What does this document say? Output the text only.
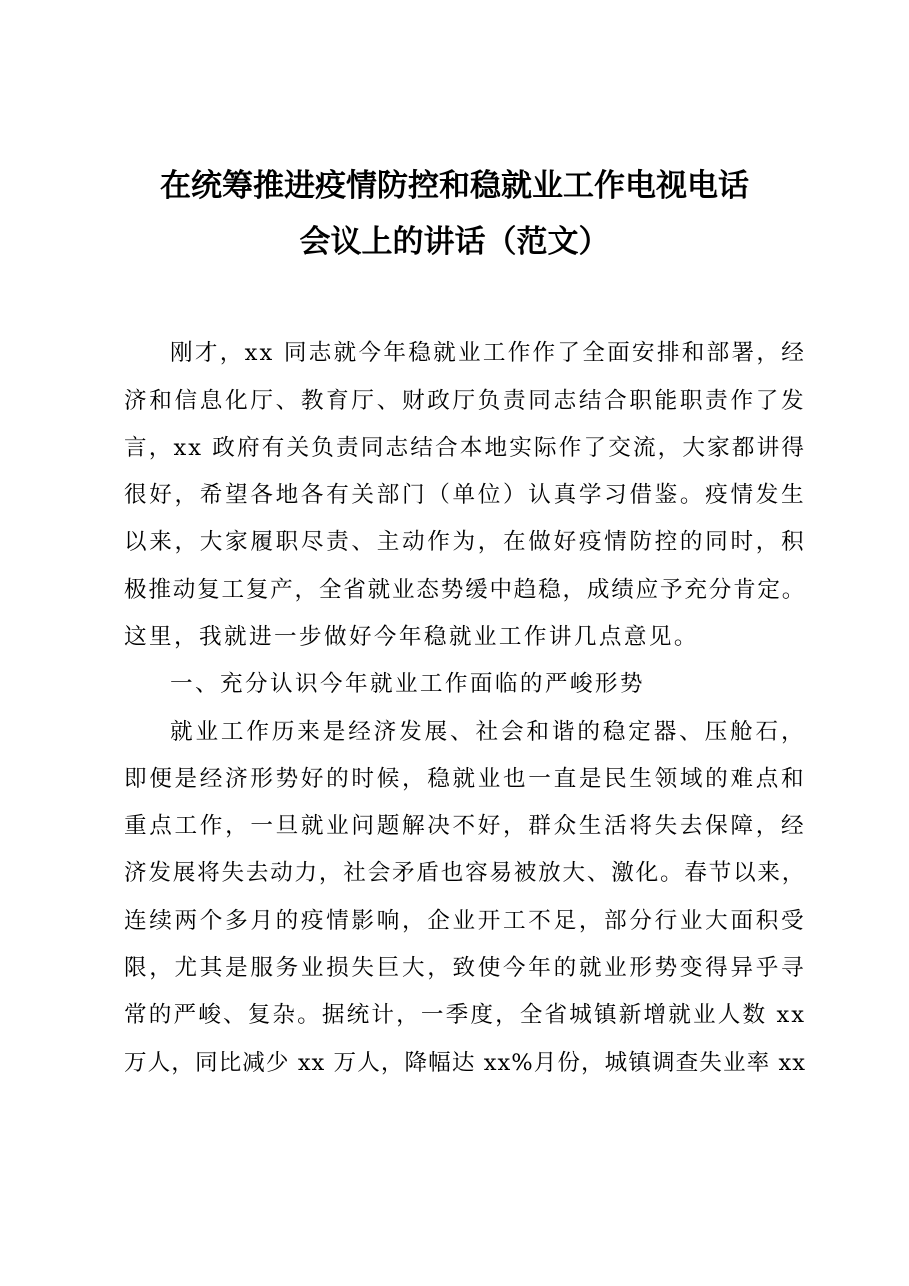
在统筹推进疫情防控和稳就业工作电视电话
会议上的讲话（范文）
刚才，xx 同志就今年稳就业工作作了全面安排和部署，经
济和信息化厅、教育厅、财政厅负责同志结合职能职责作了发
言，xx 政府有关负责同志结合本地实际作了交流，大家都讲得
很好，希望各地各有关部门（单位）认真学习借鉴。疫情发生
以来，大家履职尽责、主动作为，在做好疫情防控的同时，积
极推动复工复产，全省就业态势缓中趋稳，成绩应予充分肯定。
这里，我就进一步做好今年稳就业工作讲几点意见。
一、充分认识今年就业工作面临的严峻形势
就业工作历来是经济发展、社会和谐的稳定器、压舱石，
即便是经济形势好的时候，稳就业也一直是民生领域的难点和
重点工作，一旦就业问题解决不好，群众生活将失去保障，经
济发展将失去动力，社会矛盾也容易被放大、激化。春节以来，
连续两个多月的疫情影响，企业开工不足，部分行业大面积受
限，尤其是服务业损失巨大，致使今年的就业形势变得异乎寻
常的严峻、复杂。据统计，一季度，全省城镇新增就业人数 xx
万人，同比减少 xx 万人，降幅达 xx%月份，城镇调查失业率 xx
